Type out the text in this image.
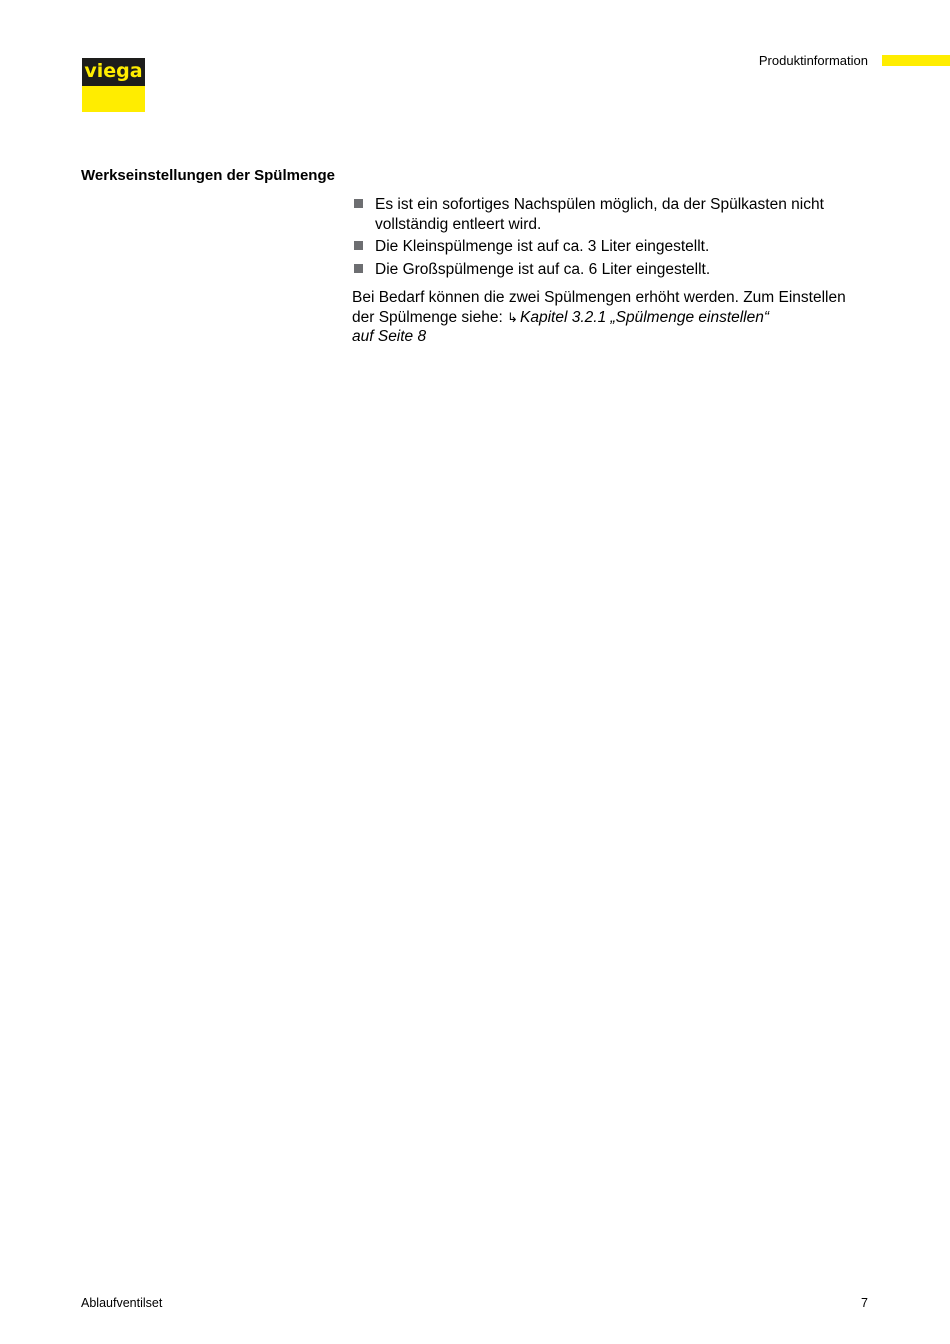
viega	Produktinformation
Werkseinstellungen der Spülmenge
Es ist ein sofortiges Nachspülen möglich, da der Spülkasten nicht vollständig entleert wird.
Die Kleinspülmenge ist auf ca. 3 Liter eingestellt.
Die Großspülmenge ist auf ca. 6 Liter eingestellt.

Bei Bedarf können die zwei Spülmengen erhöht werden. Zum Einstellen der Spülmenge siehe: ↳ Kapitel 3.2.1 „Spülmenge einstellen“
auf Seite 8

Ablaufventilset	7
